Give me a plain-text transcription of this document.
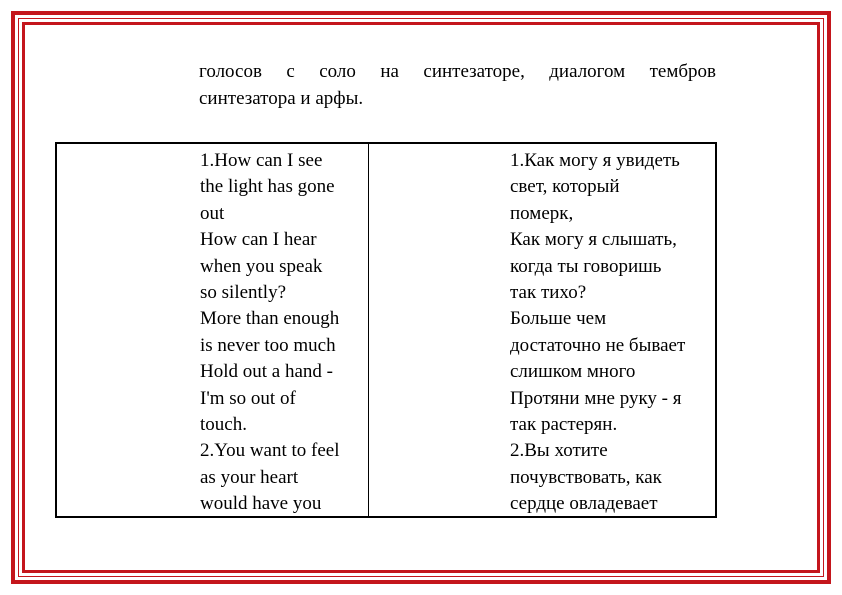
голосов с соло на синтезаторе, диалогом тембров
синтезатора и арфы.
1.How can I see
the light has gone
out
How can I hear
when you speak
so silently?
More than enough
is never too much
Hold out a hand -
I'm so out of
touch.
2.You want to feel
as your heart
would have you
1.Как могу я увидеть
свет, который
померк,
Как могу я слышать,
когда ты говоришь
так тихо?
Больше чем
достаточно не бывает
слишком много
Протяни мне руку - я
так растерян.
2.Вы хотите
почувствовать, как
сердце овладевает
